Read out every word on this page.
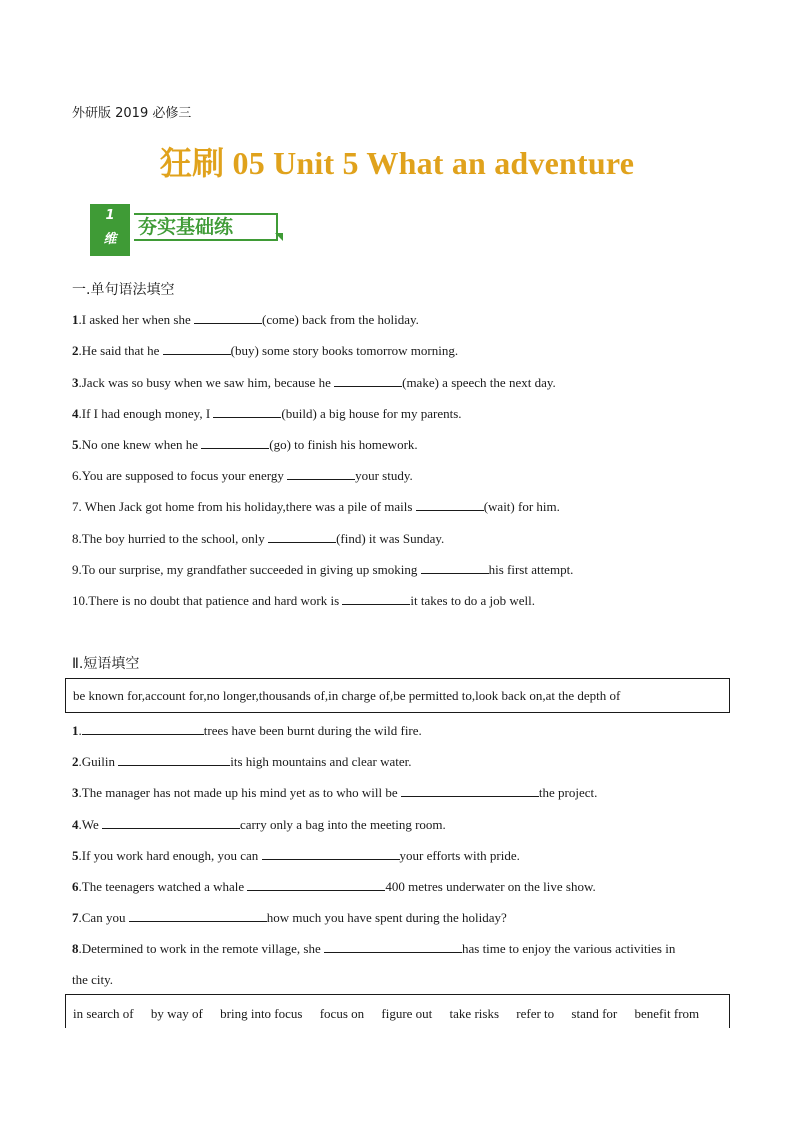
外研版 2019 必修三
狂刷 05 Unit 5 What an adventure
1
维
夯实基础练
一.单句语法填空
1.I asked her when she	(come) back from the holiday.
2.He said that he	(buy) some story books tomorrow morning.
3.Jack was so busy when we saw him, because he	(make) a speech the next day.
4.If I had enough money, I	(build) a big house for my parents.
5.No one knew when he	(go) to finish his homework.
6.You are supposed to focus your energy	your study.
7. When Jack got home from his holiday,there was a pile of mails	(wait) for him.
8.The boy hurried to the school, only	(find) it was Sunday.
9.To our surprise, my grandfather succeeded in giving up smoking	his first attempt.
10.There is no doubt that patience and hard work is	it takes to do a job well.
Ⅱ.短语填空
be known for,account for,no longer,thousands of,in charge of,be permitted to,look back on,at the depth of
1.	trees have been burnt during the wild fire.
2.Guilin	its high mountains and clear water.
3.The manager has not made up his mind yet as to who will be	the project.
4.We	carry only a bag into the meeting room.
5.If you work hard enough, you can	your efforts with pride.
6.The teenagers watched a whale	400 metres underwater on the live show.
7.Can you	how much you have spent during the holiday?
8.Determined to work in the remote village, she	has time to enjoy the various activities in
the city.
in search of by way of bring into focus focus on figure out take risks refer to stand for benefit from
